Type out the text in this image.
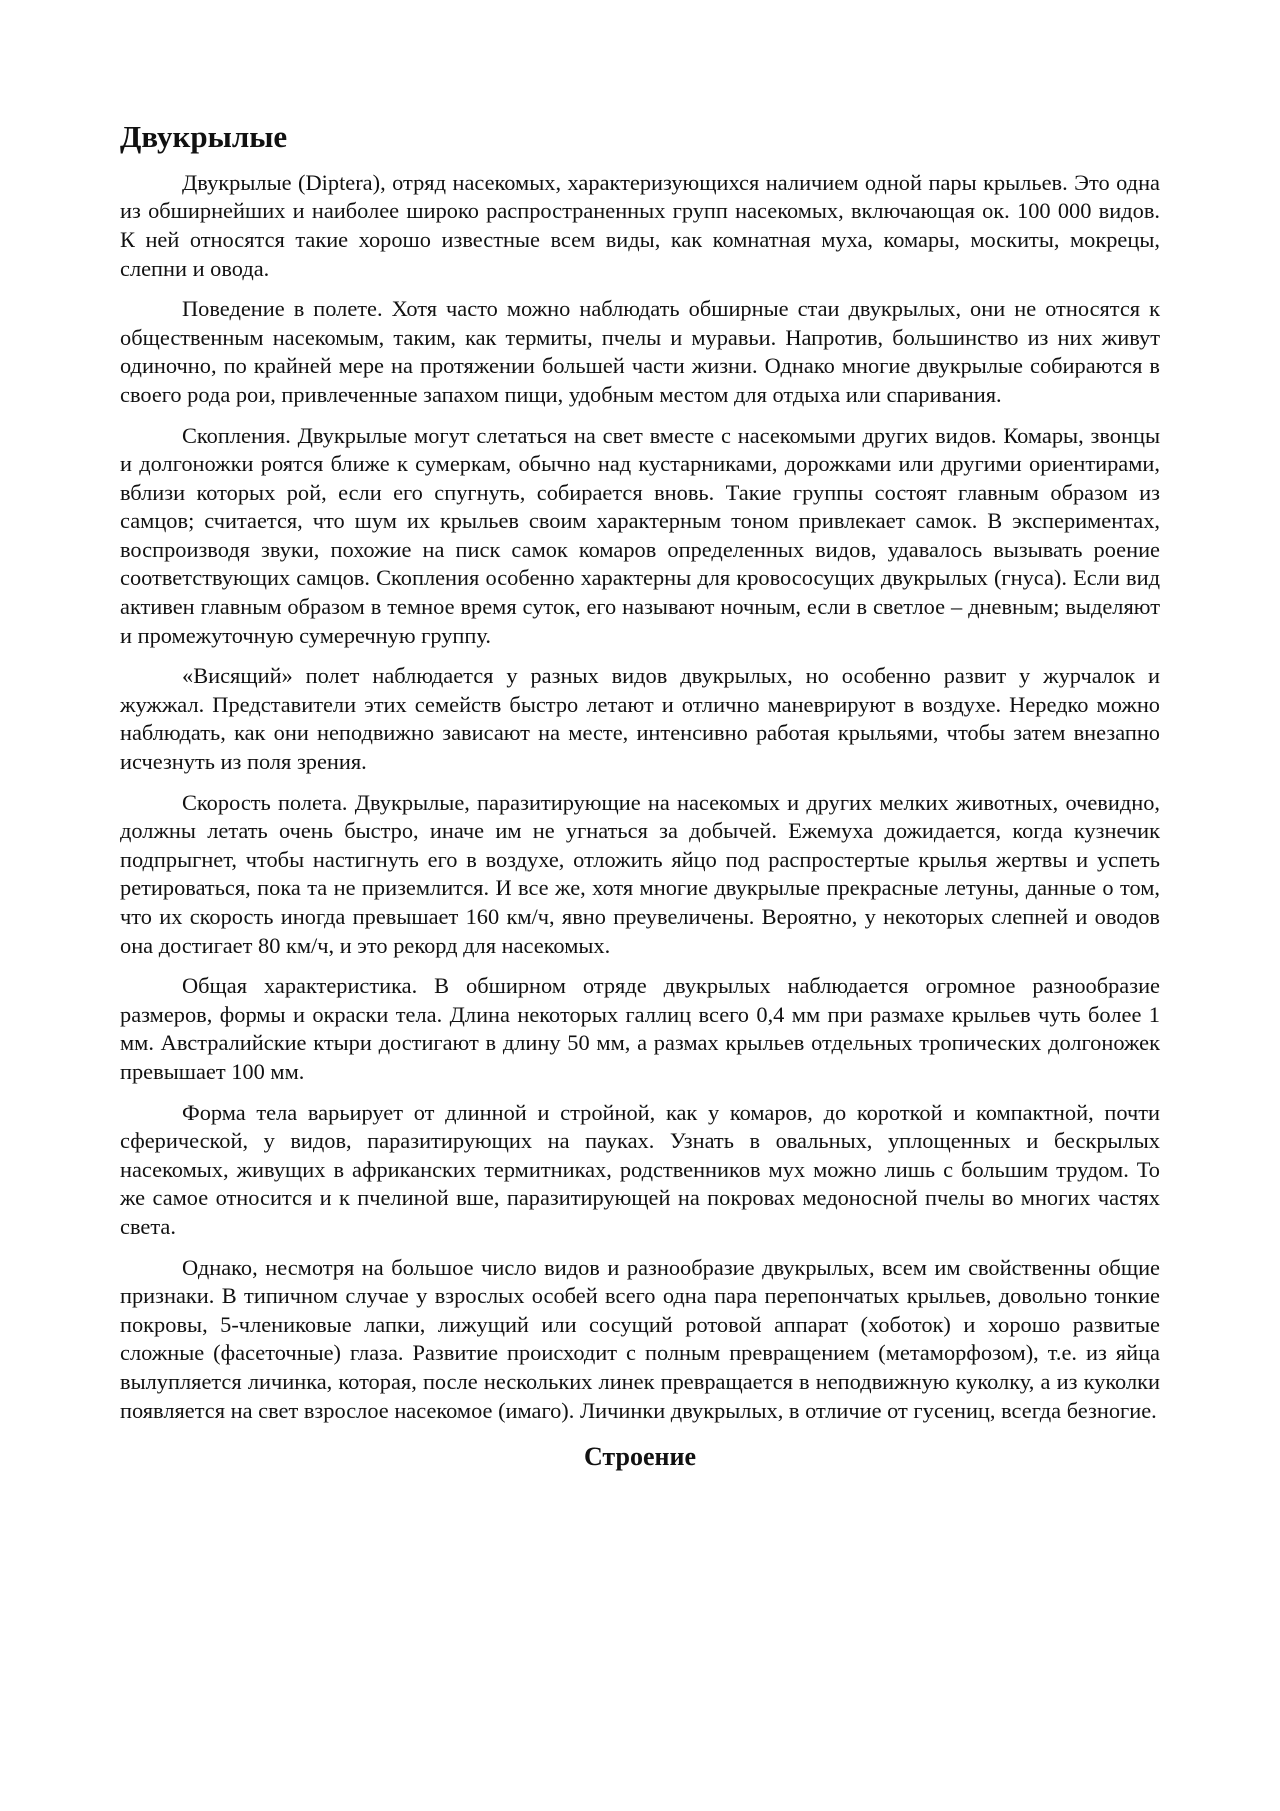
Двукрылые

Двукрылые (Diptera), отряд насекомых, характеризующихся наличием одной пары крыльев. Это одна из обширнейших и наиболее широко распространенных групп насекомых, включающая ок. 100 000 видов. К ней относятся такие хорошо известные всем виды, как комнатная муха, комары, москиты, мокрецы, слепни и овода.

Поведение в полете. Хотя часто можно наблюдать обширные стаи двукрылых, они не относятся к общественным насекомым, таким, как термиты, пчелы и муравьи. Напротив, большинство из них живут одиночно, по крайней мере на протяжении большей части жизни. Однако многие двукрылые собираются в своего рода рои, привлеченные запахом пищи, удобным местом для отдыха или спаривания.

Скопления. Двукрылые могут слетаться на свет вместе с насекомыми других видов. Комары, звонцы и долгоножки роятся ближе к сумеркам, обычно над кустарниками, дорожками или другими ориентирами, вблизи которых рой, если его спугнуть, собирается вновь. Такие группы состоят главным образом из самцов; считается, что шум их крыльев своим характерным тоном привлекает самок. В экспериментах, воспроизводя звуки, похожие на писк самок комаров определенных видов, удавалось вызывать роение соответствующих самцов. Скопления особенно характерны для кровососущих двукрылых (гнуса). Если вид активен главным образом в темное время суток, его называют ночным, если в светлое – дневным; выделяют и промежуточную сумеречную группу.

«Висящий» полет наблюдается у разных видов двукрылых, но особенно развит у журчалок и жужжал. Представители этих семейств быстро летают и отлично маневрируют в воздухе. Нередко можно наблюдать, как они неподвижно зависают на месте, интенсивно работая крыльями, чтобы затем внезапно исчезнуть из поля зрения.

Скорость полета. Двукрылые, паразитирующие на насекомых и других мелких животных, очевидно, должны летать очень быстро, иначе им не угнаться за добычей. Ежемуха дожидается, когда кузнечик подпрыгнет, чтобы настигнуть его в воздухе, отложить яйцо под распростертые крылья жертвы и успеть ретироваться, пока та не приземлится. И все же, хотя многие двукрылые прекрасные летуны, данные о том, что их скорость иногда превышает 160 км/ч, явно преувеличены. Вероятно, у некоторых слепней и оводов она достигает 80 км/ч, и это рекорд для насекомых.

Общая характеристика. В обширном отряде двукрылых наблюдается огромное разнообразие размеров, формы и окраски тела. Длина некоторых галлиц всего 0,4 мм при размахе крыльев чуть более 1 мм. Австралийские ктыри достигают в длину 50 мм, а размах крыльев отдельных тропических долгоножек превышает 100 мм.

Форма тела варьирует от длинной и стройной, как у комаров, до короткой и компактной, почти сферической, у видов, паразитирующих на пауках. Узнать в овальных, уплощенных и бескрылых насекомых, живущих в африканских термитниках, родственников мух можно лишь с большим трудом. То же самое относится и к пчелиной вше, паразитирующей на покровах медоносной пчелы во многих частях света.

Однако, несмотря на большое число видов и разнообразие двукрылых, всем им свойственны общие признаки. В типичном случае у взрослых особей всего одна пара перепончатых крыльев, довольно тонкие покровы, 5-члениковые лапки, лижущий или сосущий ротовой аппарат (хоботок) и хорошо развитые сложные (фасеточные) глаза. Развитие происходит с полным превращением (метаморфозом), т.е. из яйца вылупляется личинка, которая, после нескольких линек превращается в неподвижную куколку, а из куколки появляется на свет взрослое насекомое (имаго). Личинки двукрылых, в отличие от гусениц, всегда безногие.

Строение
